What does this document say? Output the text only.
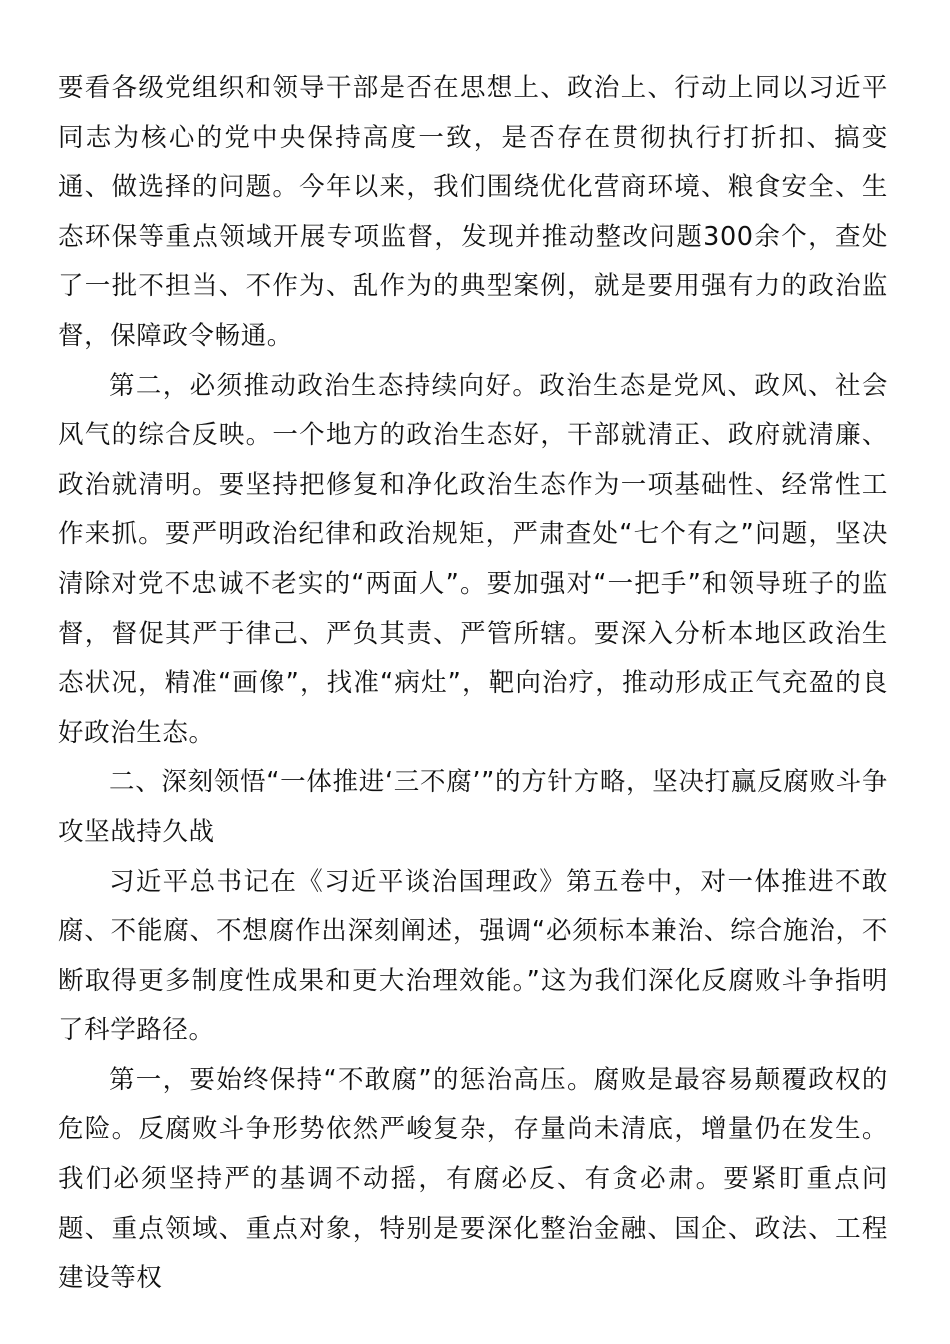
要看各级党组织和领导干部是否在思想上、政治上、行动上同以习近平同志为核心的党中央保持高度一致，是否存在贯彻执行打折扣、搞变通、做选择的问题。今年以来，我们围绕优化营商环境、粮食安全、生态环保等重点领域开展专项监督，发现并推动整改问题300余个，查处了一批不担当、不作为、乱作为的典型案例，就是要用强有力的政治监督，保障政令畅通。

第二，必须推动政治生态持续向好。政治生态是党风、政风、社会风气的综合反映。一个地方的政治生态好，干部就清正、政府就清廉、政治就清明。要坚持把修复和净化政治生态作为一项基础性、经常性工作来抓。要严明政治纪律和政治规矩，严肃查处“七个有之”问题，坚决清除对党不忠诚不老实的“两面人”。要加强对“一把手”和领导班子的监督，督促其严于律己、严负其责、严管所辖。要深入分析本地区政治生态状况，精准“画像”，找准“病灶”，靶向治疗，推动形成正气充盈的良好政治生态。

二、深刻领悟“一体推进‘三不腐’”的方针方略，坚决打赢反腐败斗争攻坚战持久战

习近平总书记在《习近平谈治国理政》第五卷中，对一体推进不敢腐、不能腐、不想腐作出深刻阐述，强调“必须标本兼治、综合施治，不断取得更多制度性成果和更大治理效能。”这为我们深化反腐败斗争指明了科学路径。

第一，要始终保持“不敢腐”的惩治高压。腐败是最容易颠覆政权的危险。反腐败斗争形势依然严峻复杂，存量尚未清底，增量仍在发生。我们必须坚持严的基调不动摇，有腐必反、有贪必肃。要紧盯重点问题、重点领域、重点对象，特别是要深化整治金融、国企、政法、工程建设等权
